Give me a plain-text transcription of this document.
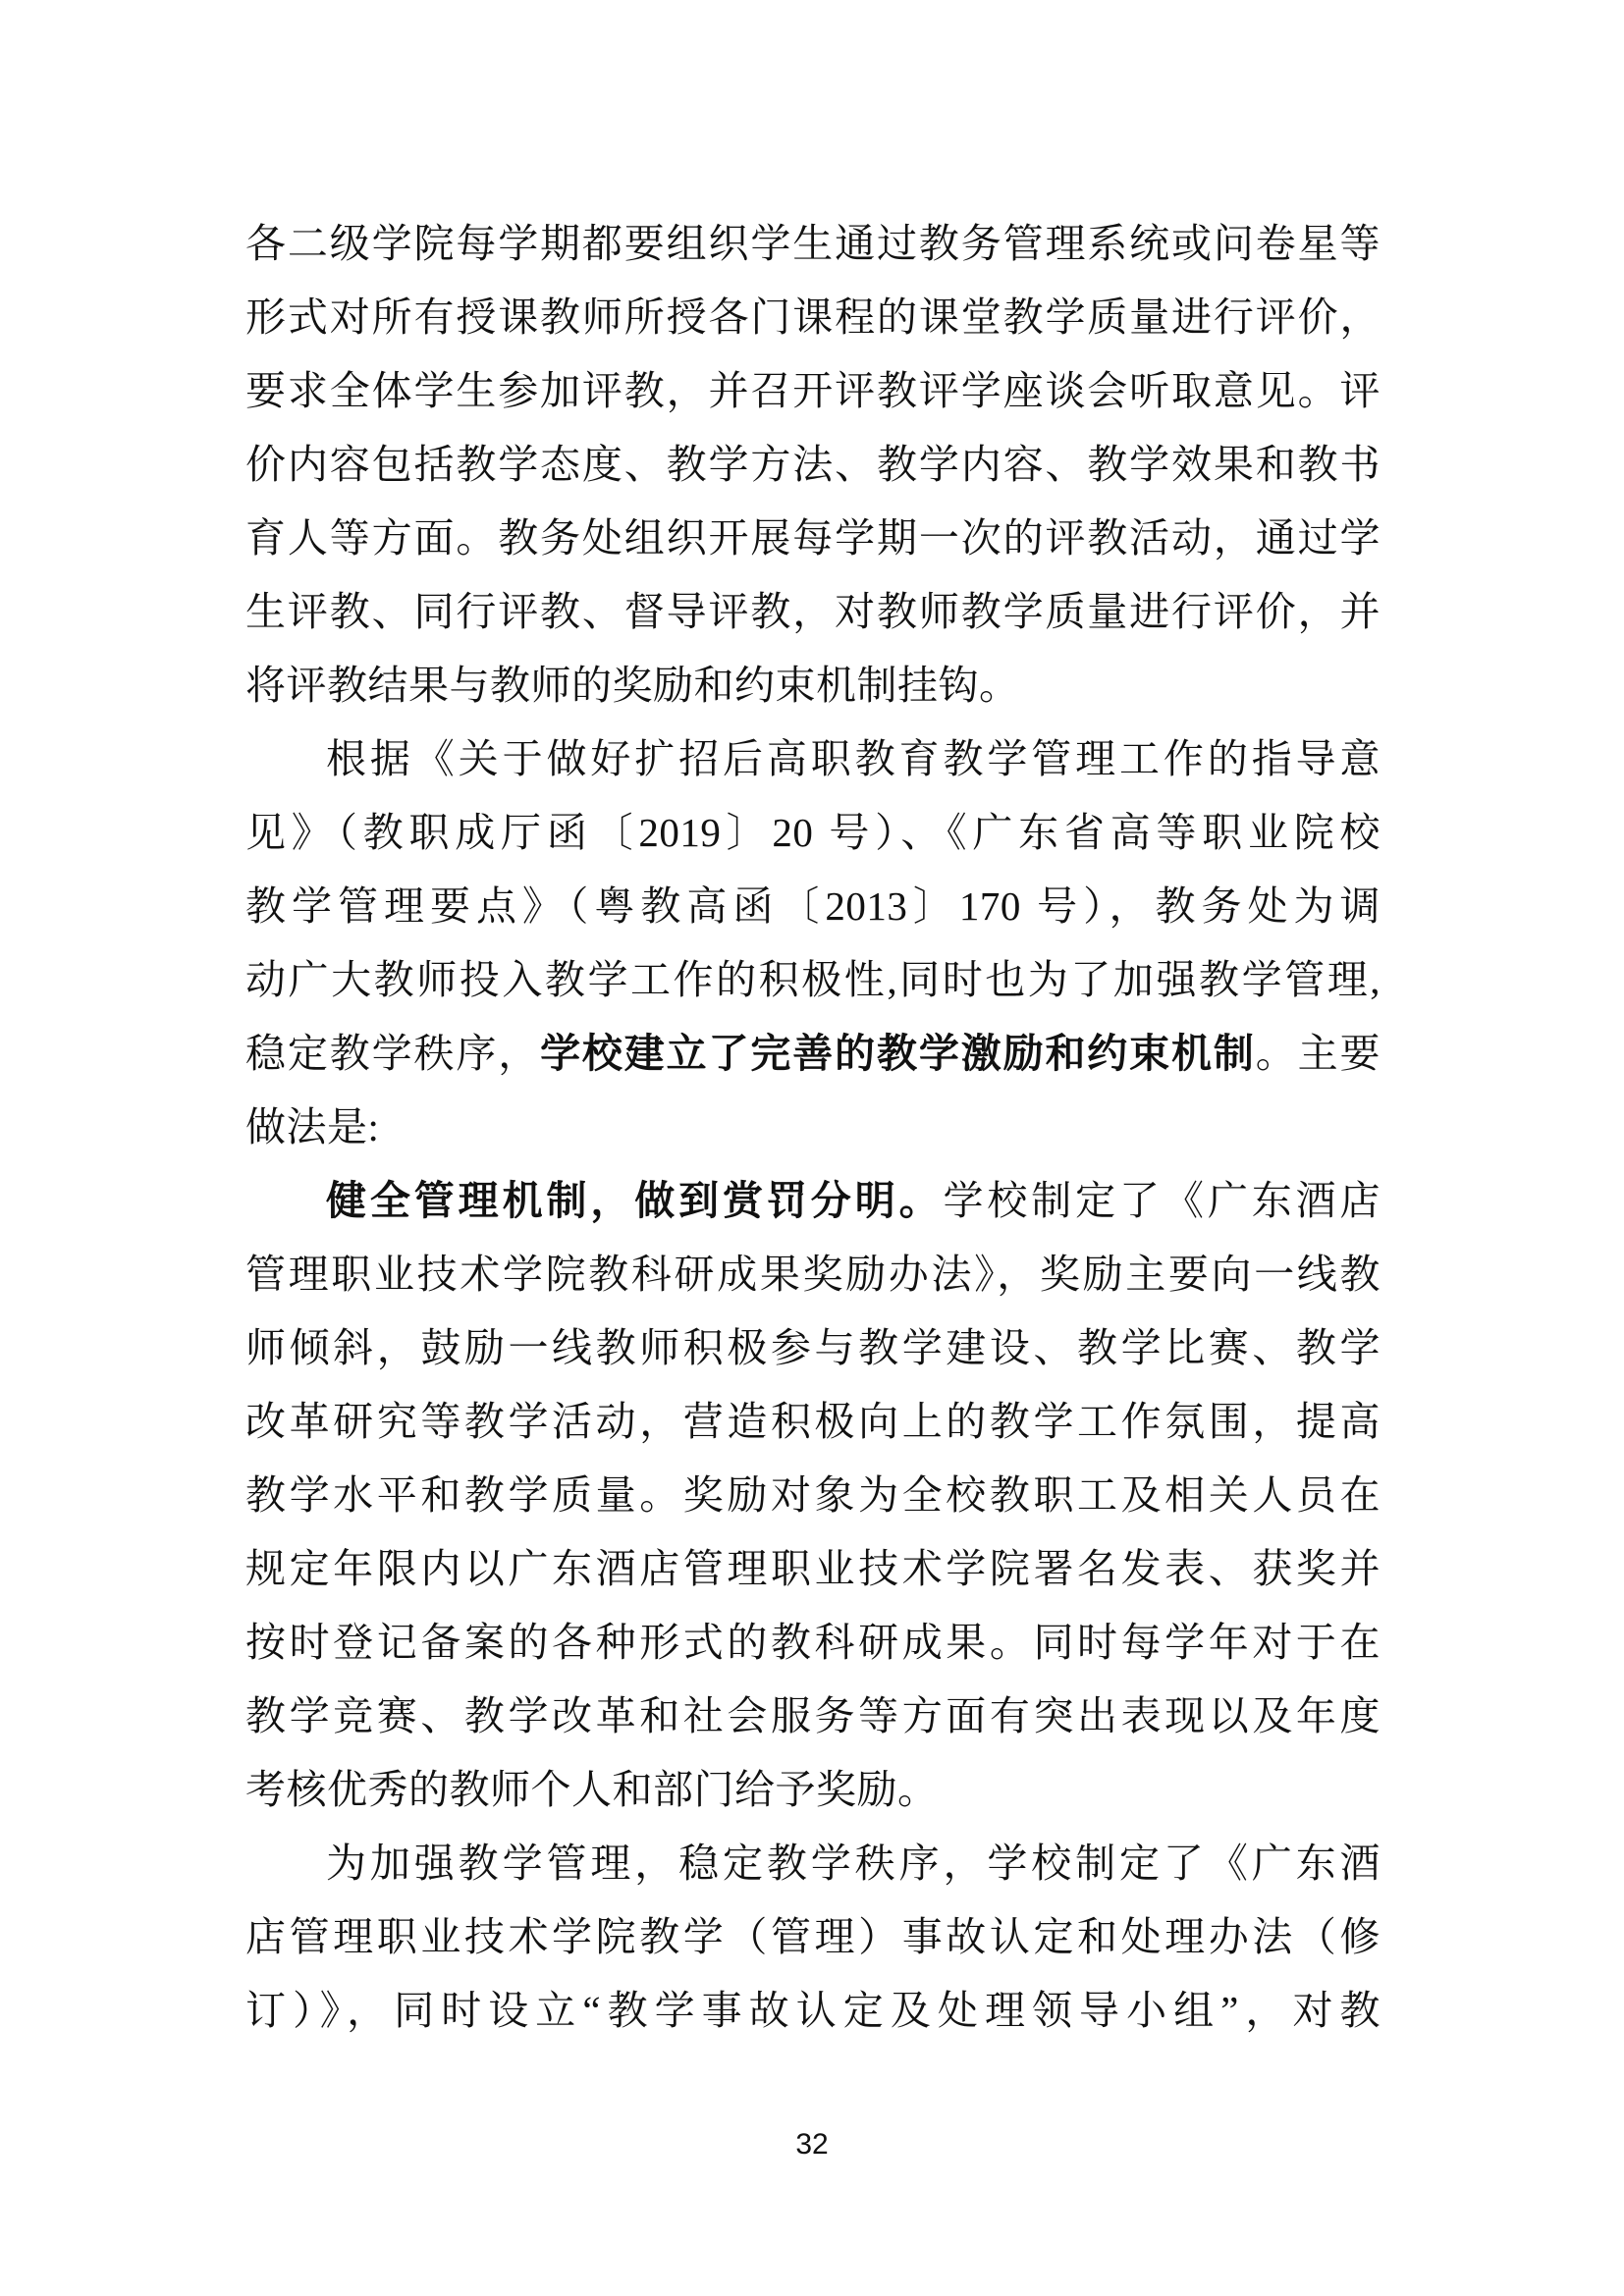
各二级学院每学期都要组织学生通过教务管理系统或问卷星等
形式对所有授课教师所授各门课程的课堂教学质量进行评价，
要求全体学生参加评教，并召开评教评学座谈会听取意见。评
价内容包括教学态度、教学方法、教学内容、教学效果和教书
育人等方面。教务处组织开展每学期一次的评教活动，通过学
生评教、同行评教、督导评教，对教师教学质量进行评价，并
将评教结果与教师的奖励和约束机制挂钩。
根据《关于做好扩招后高职教育教学管理工作的指导意
见》（教职成厅函〔2019〕20 号）、《广东省高等职业院校
教学管理要点》（粤教高函〔2013〕170 号），教务处为调
动广大教师投入教学工作的积极性,同时也为了加强教学管理,
稳定教学秩序，学校建立了完善的教学激励和约束机制。主要
做法是:
健全管理机制，做到赏罚分明。学校制定了《广东酒店
管理职业技术学院教科研成果奖励办法》，奖励主要向一线教
师倾斜，鼓励一线教师积极参与教学建设、教学比赛、教学
改革研究等教学活动，营造积极向上的教学工作氛围，提高
教学水平和教学质量。奖励对象为全校教职工及相关人员在
规定年限内以广东酒店管理职业技术学院署名发表、获奖并
按时登记备案的各种形式的教科研成果。同时每学年对于在
教学竞赛、教学改革和社会服务等方面有突出表现以及年度
考核优秀的教师个人和部门给予奖励。
为加强教学管理，稳定教学秩序，学校制定了《广东酒
店管理职业技术学院教学（管理）事故认定和处理办法（修
订）》，同时设立“教学事故认定及处理领导小组”，对教
32
